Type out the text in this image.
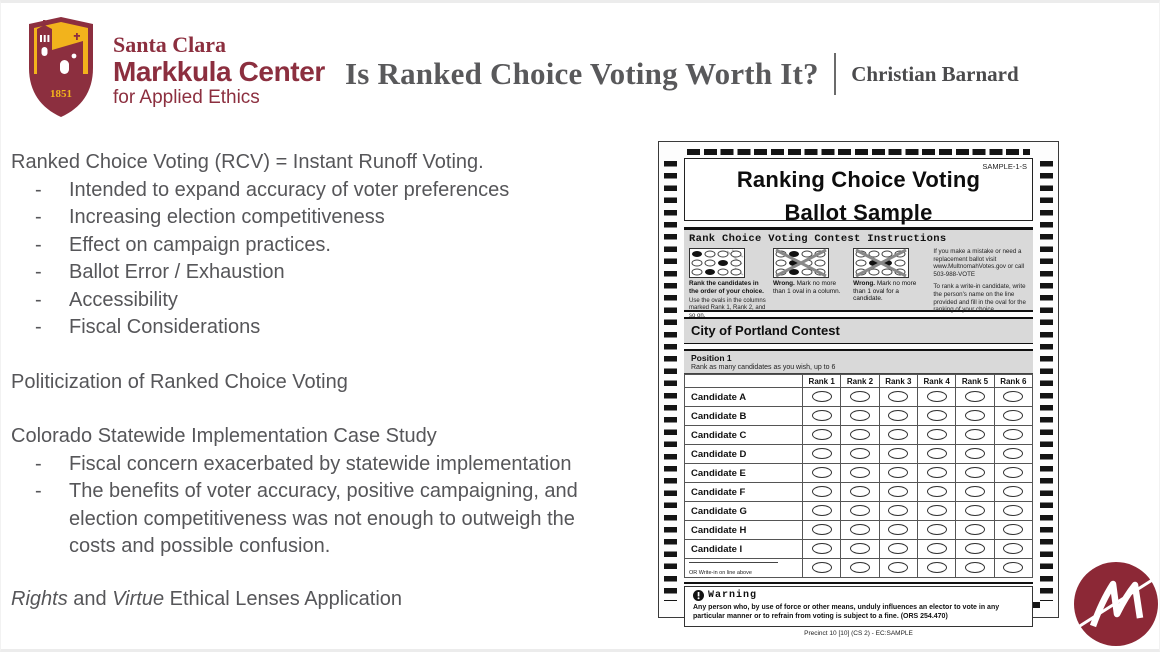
1851
Santa Clara
Markkula Center
for Applied Ethics
Is Ranked Choice Voting Worth It? Christian Barnard
Ranked Choice Voting (RCV) = Instant Runoff Voting.
-	Intended to expand accuracy of voter preferences
-	Increasing election competitiveness
-	Effect on campaign practices.
-	Ballot Error / Exhaustion
-	Accessibility
-	Fiscal Considerations
Politicization of Ranked Choice Voting
Colorado Statewide Implementation Case Study
-	Fiscal concern exacerbated by statewide implementation
-	The benefits of voter accuracy, positive campaigning, and election competitiveness was not enough to outweigh the costs and possible confusion.
Rights and Virtue Ethical Lenses Application
SAMPLE-1-S
Ranking Choice Voting
Ballot Sample
Rank Choice Voting Contest Instructions
Rank the candidates in the order of your choice.
Use the ovals in the columns marked Rank 1, Rank 2, and so on.
Wrong. Mark no more than 1 oval in a column.
Wrong. Mark no more than 1 oval for a candidate.

If you make a mistake or need a replacement ballot visit www.MultnomahVotes.gov or call 503-988-VOTE

To rank a write-in candidate, write the person's name on the line provided and fill in the oval for the ranking of your choice.

City of Portland Contest
Position 1
Rank as many candidates as you wish, up to 6
	Rank 1	Rank 2	Rank 3	Rank 4	Rank 5	Rank 6
Candidate A						
Candidate B						
Candidate C						
Candidate D						
Candidate E						
Candidate F						
Candidate G						
Candidate H						
Candidate I						

OR Write-in on line above						

Warning
Any person who, by use of force or other means, unduly influences an elector to vote in any particular manner or to refrain from voting is subject to a fine. (ORS 254.470)
Precinct 10 [10] (CS 2) - EC:SAMPLE
